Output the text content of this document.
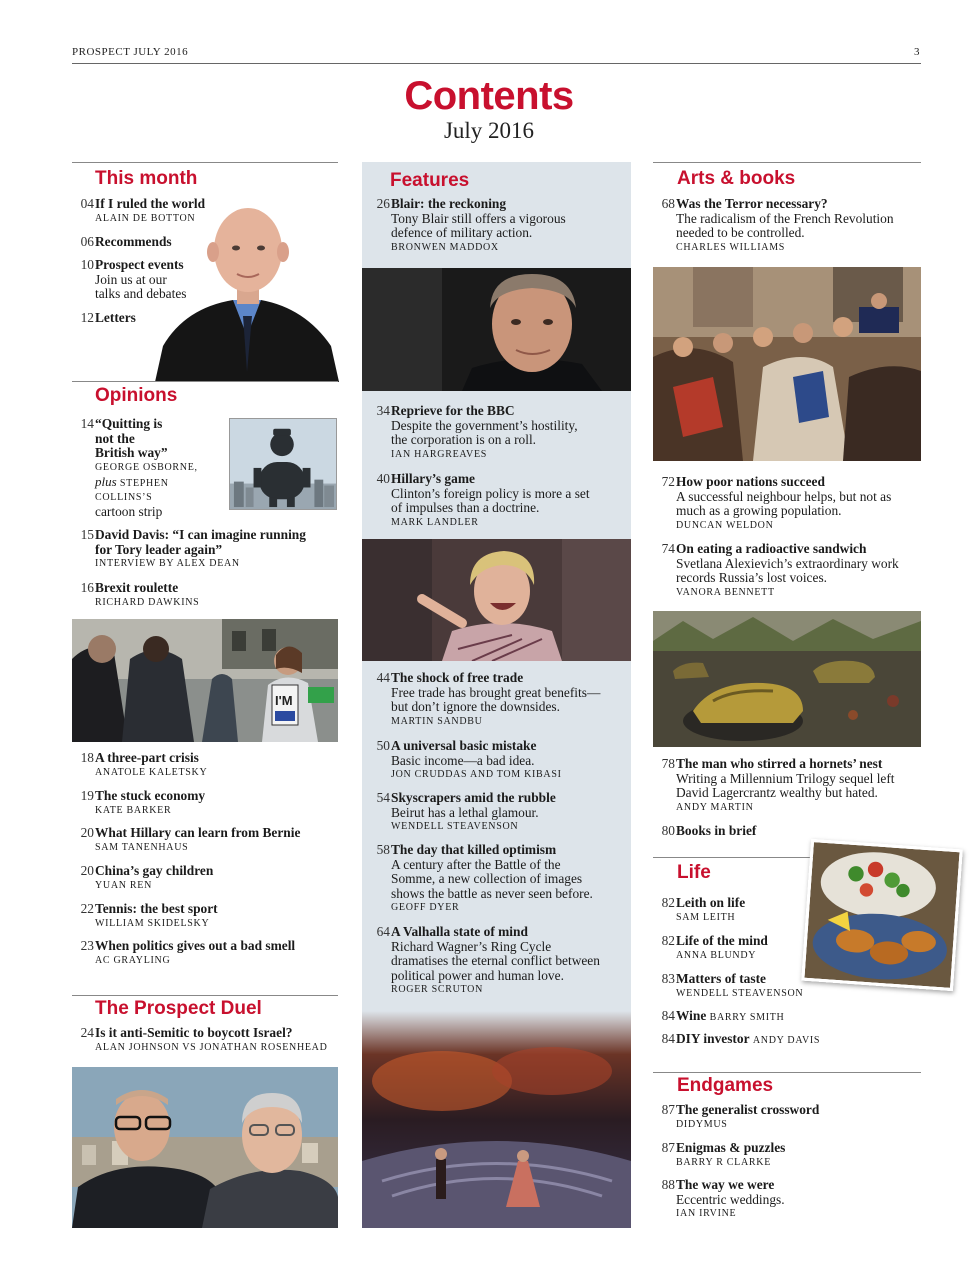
PROSPECT JULY 2016	3
Contents
July 2016
This month
04 If I ruled the world
ALAIN DE BOTTON
06 Recommends
10 Prospect events
Join us at our
talks and debates
12 Letters
Opinions
14 “Quitting is
not the
British way”
GEORGE OSBORNE,
plus STEPHEN
COLLINS’S
cartoon strip
15 David Davis: “I can imagine running
for Tory leader again”
INTERVIEW BY ALEX DEAN
16 Brexit roulette
RICHARD DAWKINS
I'M
18 A three-part crisis
ANATOLE KALETSKY
19 The stuck economy
KATE BARKER
20 What Hillary can learn from Bernie
SAM TANENHAUS
20 China’s gay children
YUAN REN
22 Tennis: the best sport
WILLIAM SKIDELSKY
23 When politics gives out a bad smell
AC GRAYLING
The Prospect Duel
24 Is it anti-Semitic to boycott Israel?
ALAN JOHNSON VS JONATHAN ROSENHEAD
Features
26 Blair: the reckoning
Tony Blair still offers a vigorous
defence of military action.
BRONWEN MADDOX
34 Reprieve for the BBC
Despite the government’s hostility,
the corporation is on a roll.
IAN HARGREAVES
40 Hillary’s game
Clinton’s foreign policy is more a set
of impulses than a doctrine.
MARK LANDLER
44 The shock of free trade
Free trade has brought great benefits—
but don’t ignore the downsides.
MARTIN SANDBU
50 A universal basic mistake
Basic income—a bad idea.
JON CRUDDAS AND TOM KIBASI
54 Skyscrapers amid the rubble
Beirut has a lethal glamour.
WENDELL STEAVENSON
58 The day that killed optimism
A century after the Battle of the
Somme, a new collection of images
shows the battle as never seen before.
GEOFF DYER
64 A Valhalla state of mind
Richard Wagner’s Ring Cycle
dramatises the eternal conflict between
political power and human love.
ROGER SCRUTON
Arts & books
68 Was the Terror necessary?
The radicalism of the French Revolution
needed to be controlled.
CHARLES WILLIAMS
72 How poor nations succeed
A successful neighbour helps, but not as
much as a growing population.
DUNCAN WELDON
74 On eating a radioactive sandwich
Svetlana Alexievich’s extraordinary work
records Russia’s lost voices.
VANORA BENNETT
78 The man who stirred a hornets’ nest
Writing a Millennium Trilogy sequel left
David Lagercrantz wealthy but hated.
ANDY MARTIN
80 Books in brief
Life
82 Leith on life
SAM LEITH
82 Life of the mind
ANNA BLUNDY
83 Matters of taste
WENDELL STEAVENSON
84 Wine BARRY SMITH
84 DIY investor ANDY DAVIS
Endgames
87 The generalist crossword
DIDYMUS
87 Enigmas & puzzles
BARRY R CLARKE
88 The way we were
Eccentric weddings.
IAN IRVINE
